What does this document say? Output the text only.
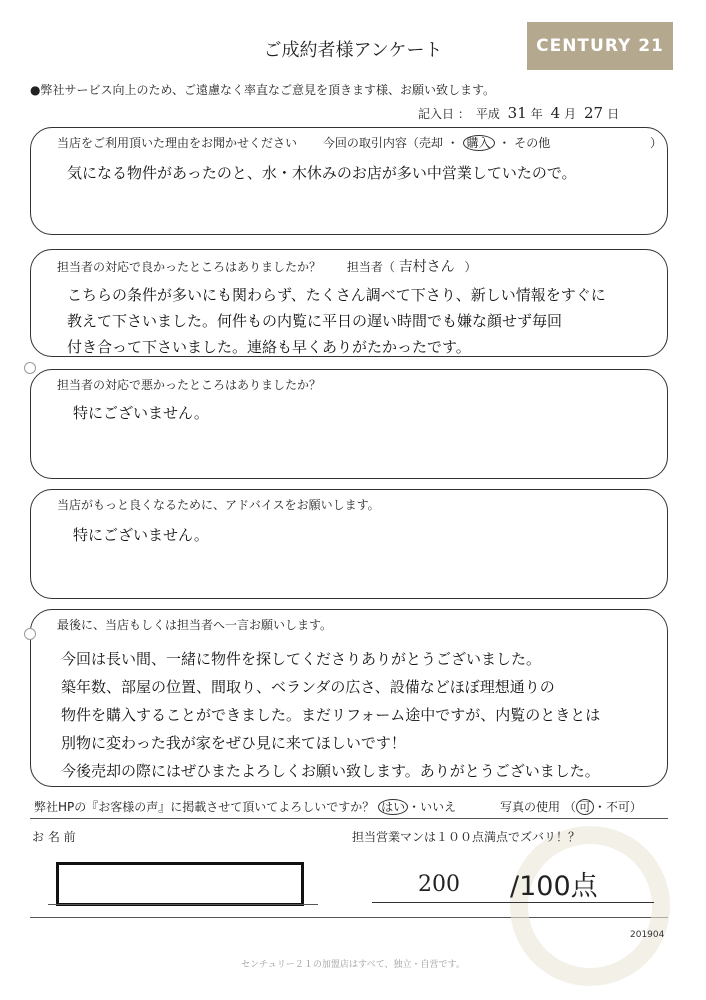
CENTURY 21
ご成約者様アンケート
●弊社サービス向上のため、ご遠慮なく率直なご意見を頂きます様、お願い致します。
記入日 ：　平成 31 年 4 月 27 日
当店をご利用頂いた理由をお聞かせください 今回の取引内容（売却 ・ 購入 ・ その他	）
気になる物件があったのと、水・木休みのお店が多い中営業していたので。
担当者の対応で良かったところはありましたか？ 担当者（ 吉村さん ）
こちらの条件が多いにも関わらず、たくさん調べて下さり、新しい情報をすぐに
教えて下さいました。何件もの内覧に平日の遅い時間でも嫌な顔せず毎回
付き合って下さいました。連絡も早くありがたかったです。
担当者の対応で悪かったところはありましたか？
特にございません。
当店がもっと良くなるために、アドバイスをお願いします。
特にございません。
最後に、当店もしくは担当者へ一言お願いします。
今回は長い間、一緒に物件を探してくださりありがとうございました。
築年数、部屋の位置、間取り、ベランダの広さ、設備などほぼ理想通りの
物件を購入することができました。まだリフォーム途中ですが、内覧のときとは
別物に変わった我が家をぜひ見に来てほしいです！
今後売却の際にはぜひまたよろしくお願い致します。ありがとうございました。
弊社HPの『お客様の声』に掲載させて頂いてよろしいですか？ はい ・いいえ	写真の使用 （ 可 ・不可）
お 名 前	担当営業マンは１００点満点でズバリ！？
200 /100点
201904
センチュリー２１の加盟店はすべて、独立・自営です。
